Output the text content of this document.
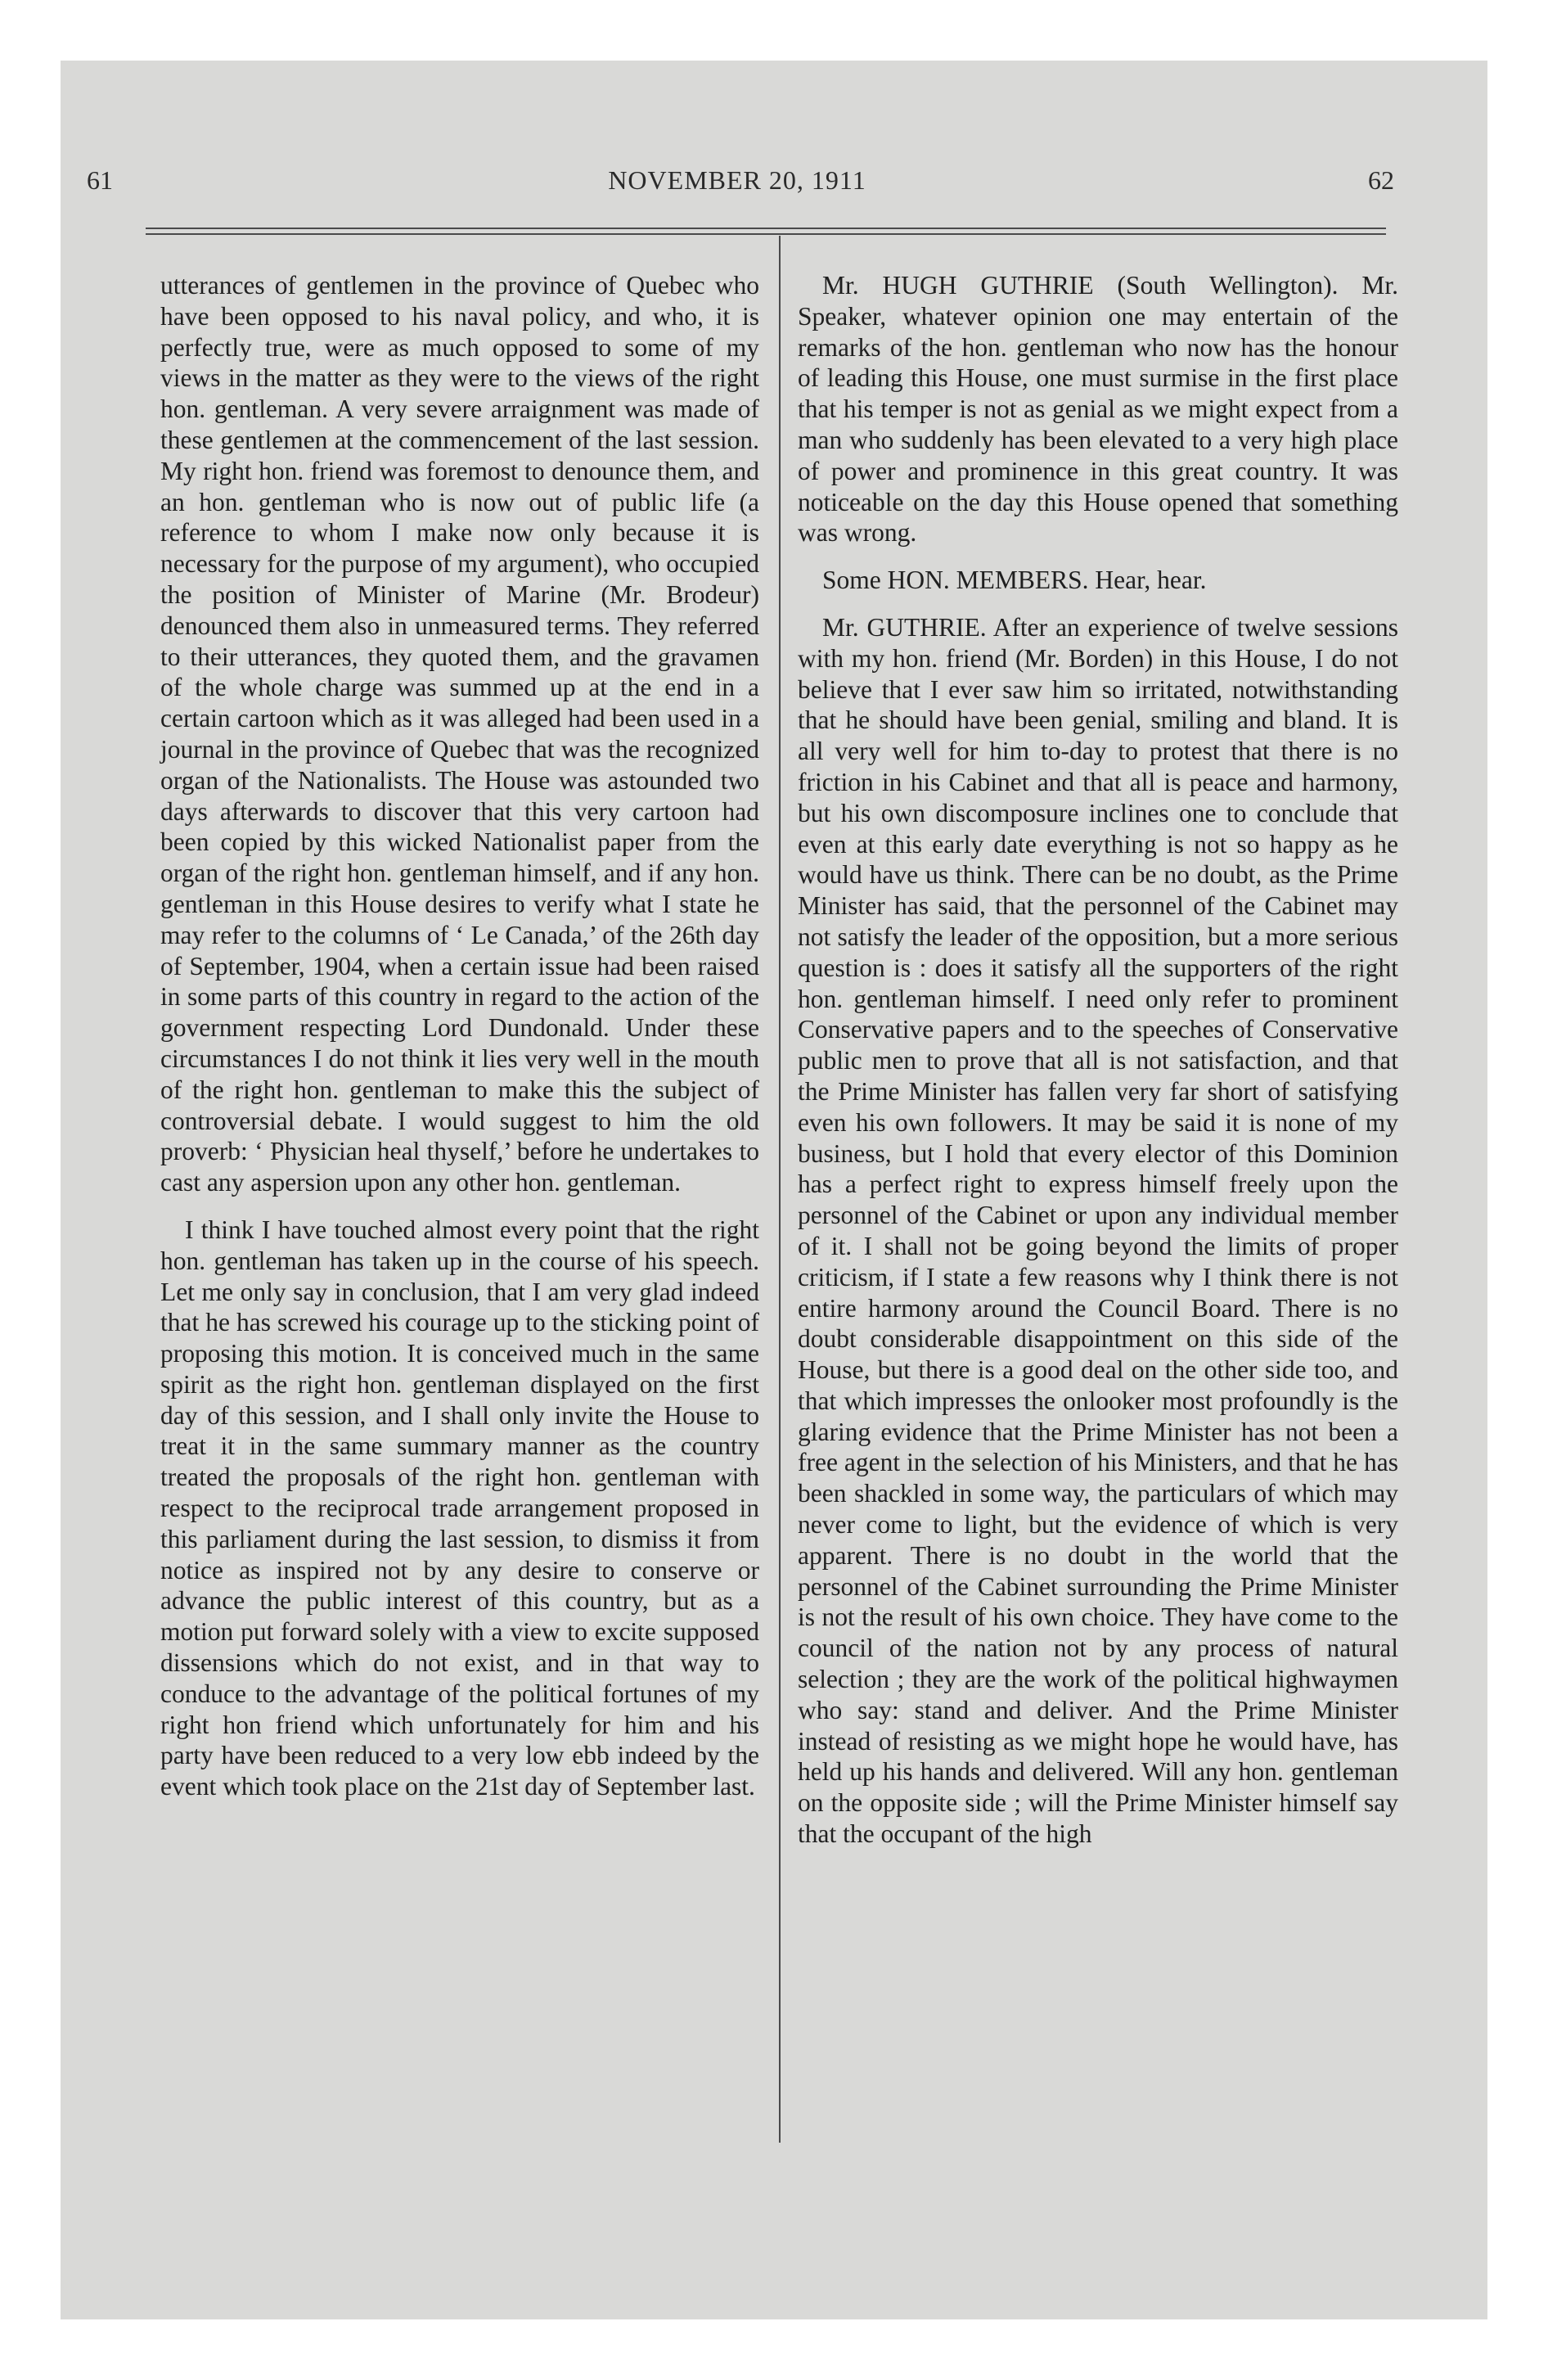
61	NOVEMBER 20, 1911	62

utterances of gentlemen in the province of Quebec who have been opposed to his naval policy, and who, it is perfectly true, were as much opposed to some of my views in the matter as they were to the views of the right hon. gentleman. A very severe arraignment was made of these gentlemen at the commencement of the last session. My right hon. friend was foremost to denounce them, and an hon. gentleman who is now out of public life (a reference to whom I make now only because it is necessary for the purpose of my argument), who occupied the position of Minister of Marine (Mr. Brodeur) denounced them also in unmeasured terms. They referred to their utterances, they quoted them, and the gravamen of the whole charge was summed up at the end in a certain cartoon which as it was alleged had been used in a journal in the province of Quebec that was the recognized organ of the Nationalists. The House was astounded two days afterwards to discover that this very cartoon had been copied by this wicked Nationalist paper from the organ of the right hon. gentleman himself, and if any hon. gentleman in this House desires to verify what I state he may refer to the columns of ‘ Le Canada,’ of the 26th day of September, 1904, when a certain issue had been raised in some parts of this country in regard to the action of the government respecting Lord Dundonald. Under these circumstances I do not think it lies very well in the mouth of the right hon. gentleman to make this the subject of controversial debate. I would suggest to him the old proverb: ‘ Physician heal thyself,’ before he undertakes to cast any aspersion upon any other hon. gentleman.

I think I have touched almost every point that the right hon. gentleman has taken up in the course of his speech. Let me only say in conclusion, that I am very glad indeed that he has screwed his courage up to the sticking point of proposing this motion. It is conceived much in the same spirit as the right hon. gentleman displayed on the first day of this session, and I shall only invite the House to treat it in the same summary manner as the country treated the proposals of the right hon. gentleman with respect to the reciprocal trade arrangement proposed in this parliament during the last session, to dismiss it from notice as inspired not by any desire to conserve or advance the public interest of this country, but as a motion put forward solely with a view to excite supposed dissensions which do not exist, and in that way to conduce to the advantage of the political fortunes of my right hon friend which unfortunately for him and his party have been reduced to a very low ebb indeed by the event which took place on the 21st day of September last.

Mr. HUGH GUTHRIE (South Wellington). Mr. Speaker, whatever opinion one may entertain of the remarks of the hon. gentleman who now has the honour of leading this House, one must surmise in the first place that his temper is not as genial as we might expect from a man who suddenly has been elevated to a very high place of power and prominence in this great country. It was noticeable on the day this House opened that something was wrong.

Some HON. MEMBERS. Hear, hear.

Mr. GUTHRIE. After an experience of twelve sessions with my hon. friend (Mr. Borden) in this House, I do not believe that I ever saw him so irritated, notwithstanding that he should have been genial, smiling and bland. It is all very well for him to-day to protest that there is no friction in his Cabinet and that all is peace and harmony, but his own discomposure inclines one to conclude that even at this early date everything is not so happy as he would have us think. There can be no doubt, as the Prime Minister has said, that the personnel of the Cabinet may not satisfy the leader of the opposition, but a more serious question is : does it satisfy all the supporters of the right hon. gentleman himself. I need only refer to prominent Conservative papers and to the speeches of Conservative public men to prove that all is not satisfaction, and that the Prime Minister has fallen very far short of satisfying even his own followers. It may be said it is none of my business, but I hold that every elector of this Dominion has a perfect right to express himself freely upon the personnel of the Cabinet or upon any individual member of it. I shall not be going beyond the limits of proper criticism, if I state a few reasons why I think there is not entire harmony around the Council Board. There is no doubt considerable disappointment on this side of the House, but there is a good deal on the other side too, and that which impresses the onlooker most profoundly is the glaring evidence that the Prime Minister has not been a free agent in the selection of his Ministers, and that he has been shackled in some way, the particulars of which may never come to light, but the evidence of which is very apparent. There is no doubt in the world that the personnel of the Cabinet surrounding the Prime Minister is not the result of his own choice. They have come to the council of the nation not by any process of natural selection ; they are the work of the political highwaymen who say: stand and deliver. And the Prime Minister instead of resisting as we might hope he would have, has held up his hands and delivered. Will any hon. gentleman on the opposite side ; will the Prime Minister himself say that the occupant of the high
